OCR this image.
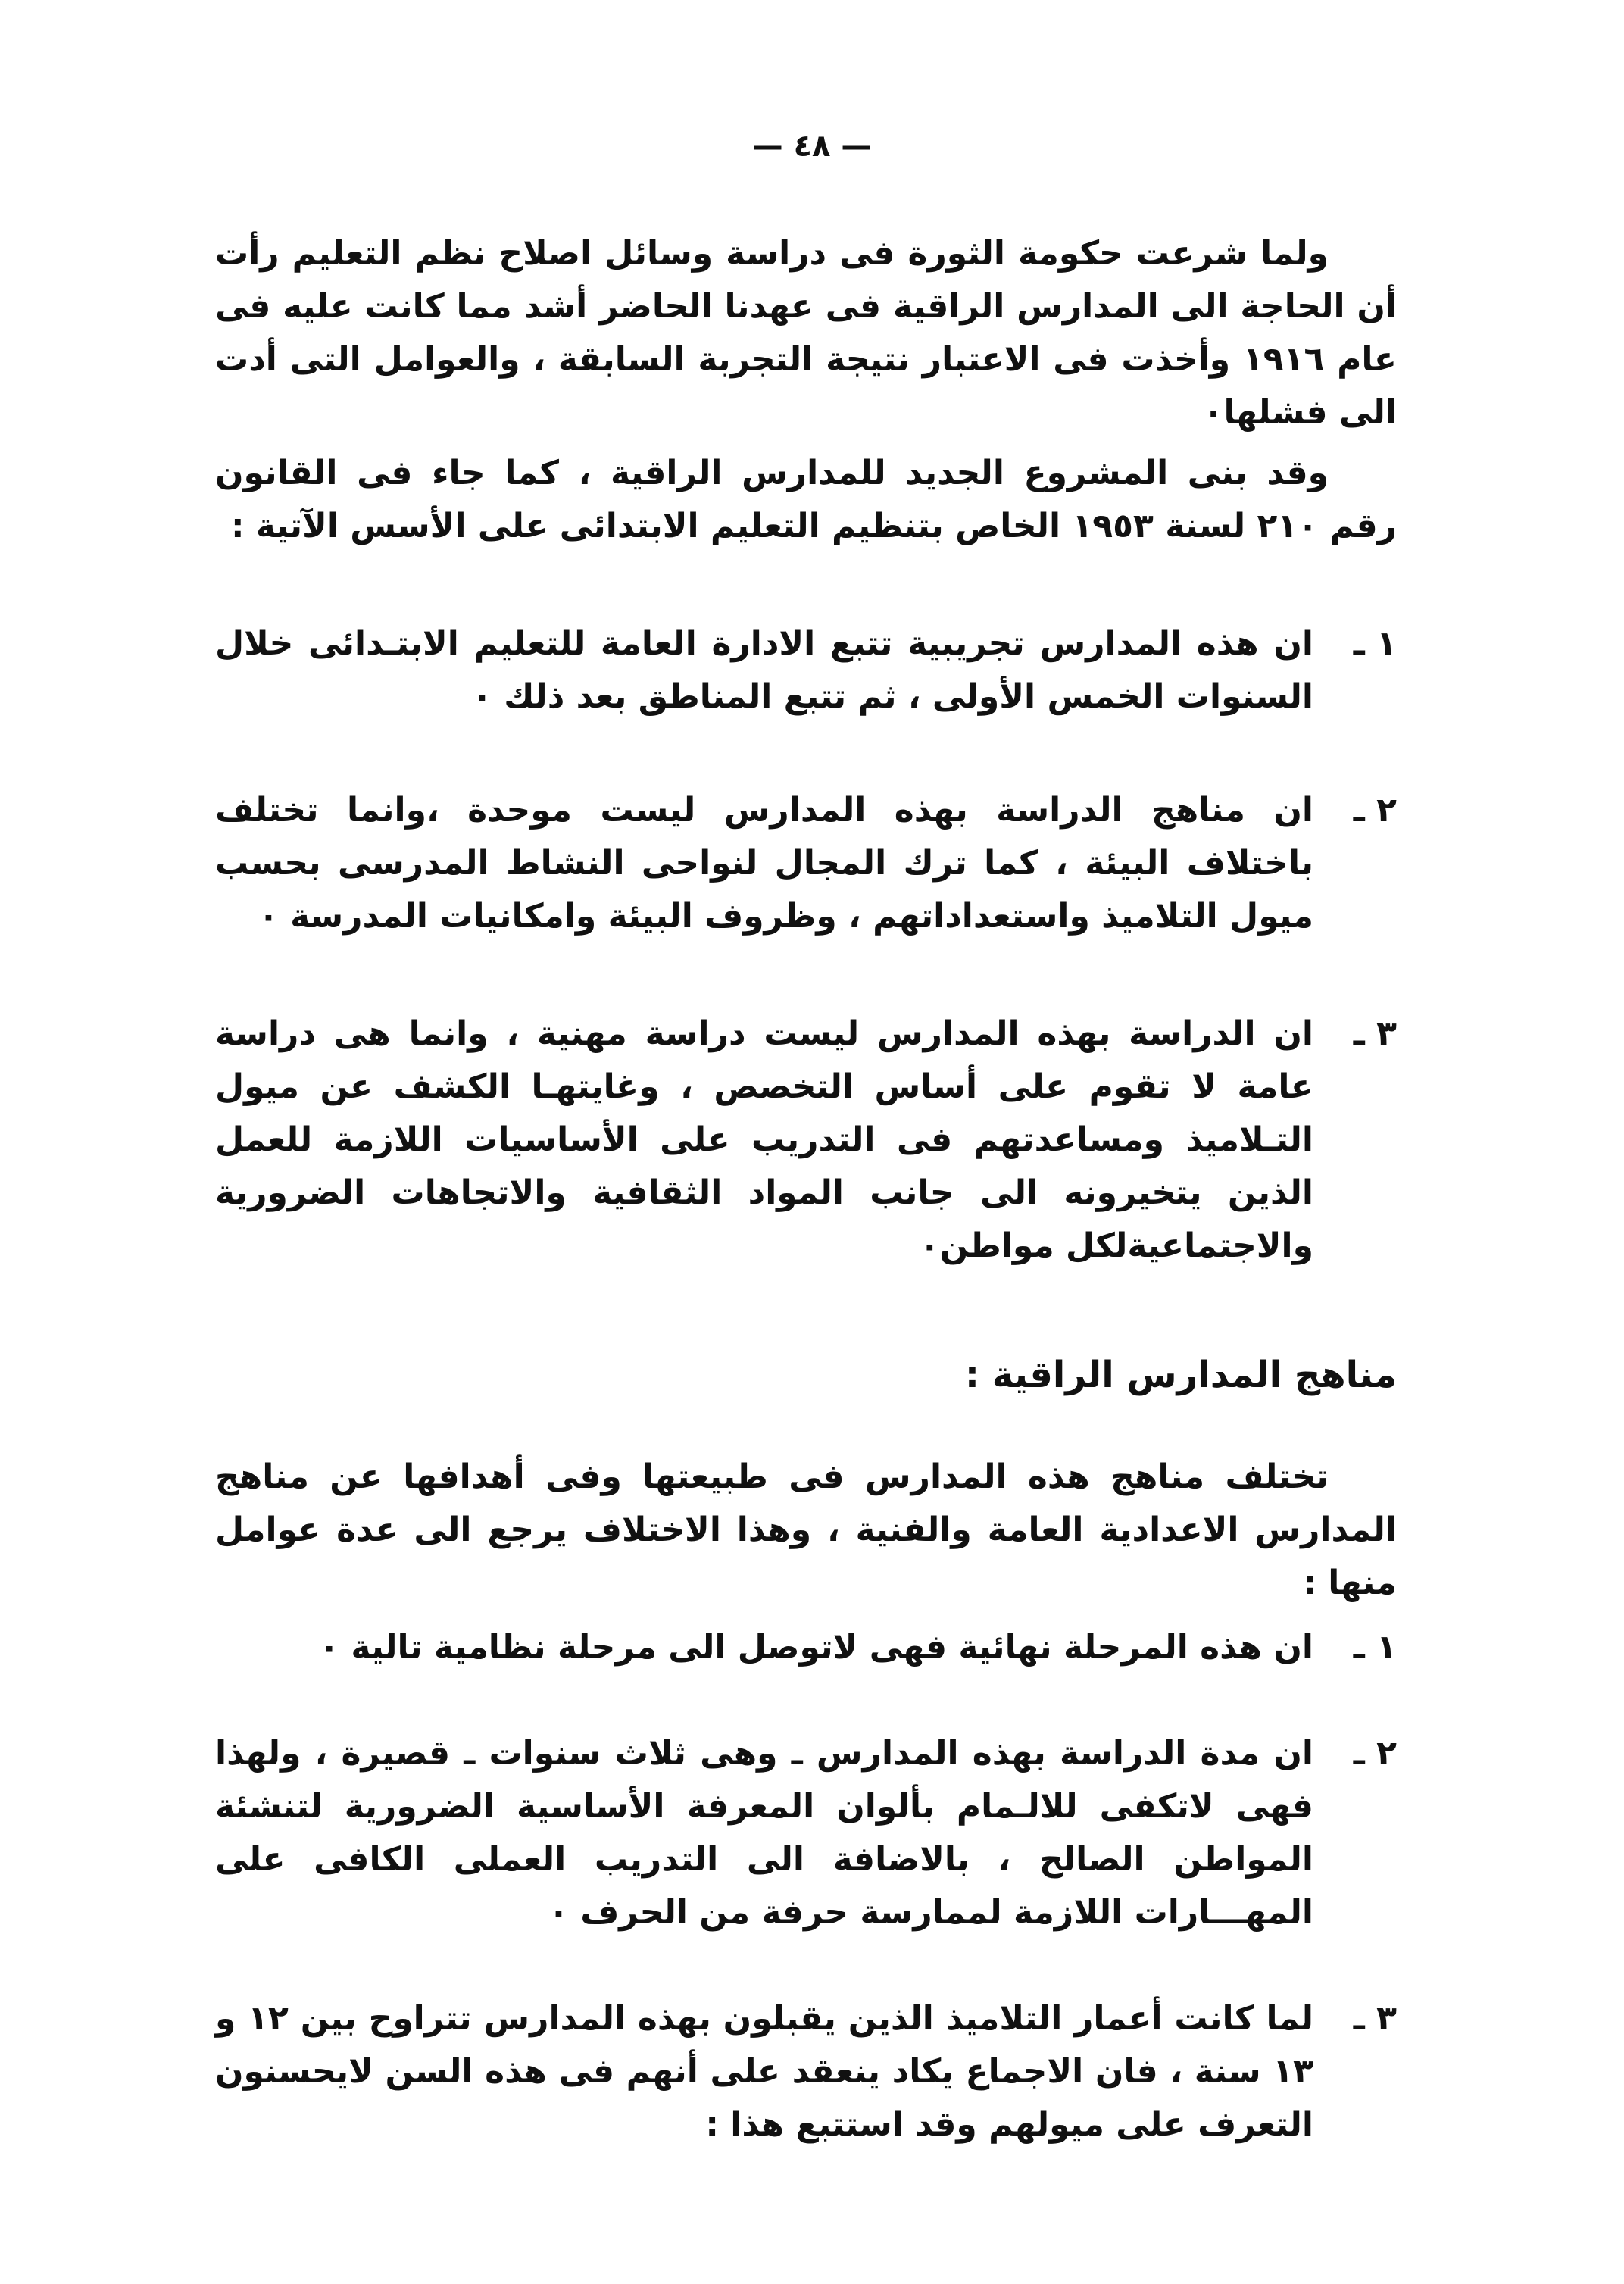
— ٤٨ —
ولما شرعت حكومة الثورة فى دراسة وسائل اصلاح نظم التعليم رأت أن الحاجة الى المدارس الراقية فى عهدنا الحاضر أشد مما كانت عليه فى عام ١٩١٦ وأخذت فى الاعتبار نتيجة التجربة السابقة ، والعوامل التى أدت الى فشلها٠
وقد بنى المشروع الجديد للمدارس الراقية ، كما جاء فى القانون رقم ٢١٠ لسنة ١٩٥٣ الخاص بتنظيم التعليم الابتدائى على الأسس الآتية :
١ ـ
ان هذه المدارس تجريبية تتبع الادارة العامة للتعليم الابتـدائى خلال السنوات الخمس الأولى ، ثم تتبع المناطق بعد ذلك ٠
٢ ـ
ان مناهج الدراسة بهذه المدارس ليست موحدة ،وانما تختلف باختلاف البيئة ، كما ترك المجال لنواحى النشاط المدرسى بحسب ميول التلاميذ واستعداداتهم ، وظروف البيئة وامكانيات المدرسة ٠
٣ ـ
ان الدراسة بهذه المدارس ليست دراسة مهنية ، وانما هى دراسة عامة لا تقوم على أساس التخصص ، وغايتهـا الكشف عن ميول التـلاميذ ومساعدتهم فى التدريب على الأساسيات اللازمة للعمل الذين يتخيرونه الى جانب المواد الثقافية والاتجاهات الضرورية والاجتماعيةلكل مواطن٠
مناهج المدارس الراقية :
تختلف مناهج هذه المدارس فى طبيعتها وفى أهدافها عن مناهج المدارس الاعدادية العامة والفنية ، وهذا الاختلاف يرجع الى عدة عوامل منها :
١ ـ
ان هذه المرحلة نهائية فهى لاتوصل الى مرحلة نظامية تالية ٠
٢ ـ
ان مدة الدراسة بهذه المدارس ـ وهى ثلاث سنوات ـ قصيرة ، ولهذا فهى لاتكفى للالـمام بألوان المعرفة الأساسية الضرورية لتنشئة المواطن الصالح ، بالاضافة الى التدريب العملى الكافى على المهـــارات اللازمة لممارسة حرفة من الحرف ٠
٣ ـ
لما كانت أعمار التلاميذ الذين يقبلون بهذه المدارس تتراوح بين ١٢ و ١٣ سنة ، فان الاجماع يكاد ينعقد على أنهم فى هذه السن لايحسنون التعرف على ميولهم وقد استتبع هذا :
